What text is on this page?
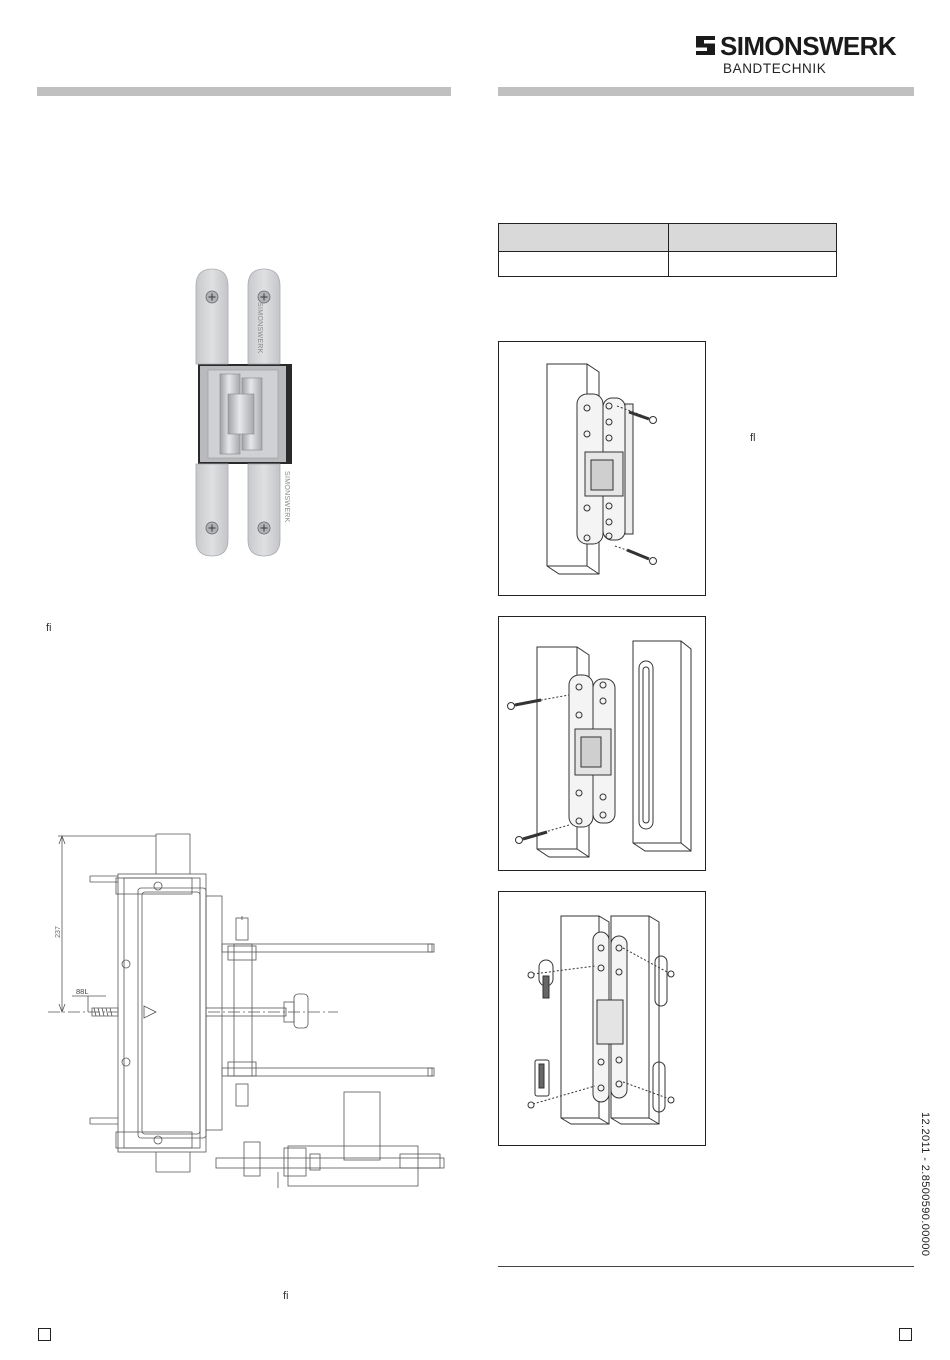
SIMONSWERK
BANDTECHNIK
SIMONSWERK
SIMONSWERK
ﬁ
ﬂ
ﬁ
237
88L
12.2011 - 2.8500590.00000
